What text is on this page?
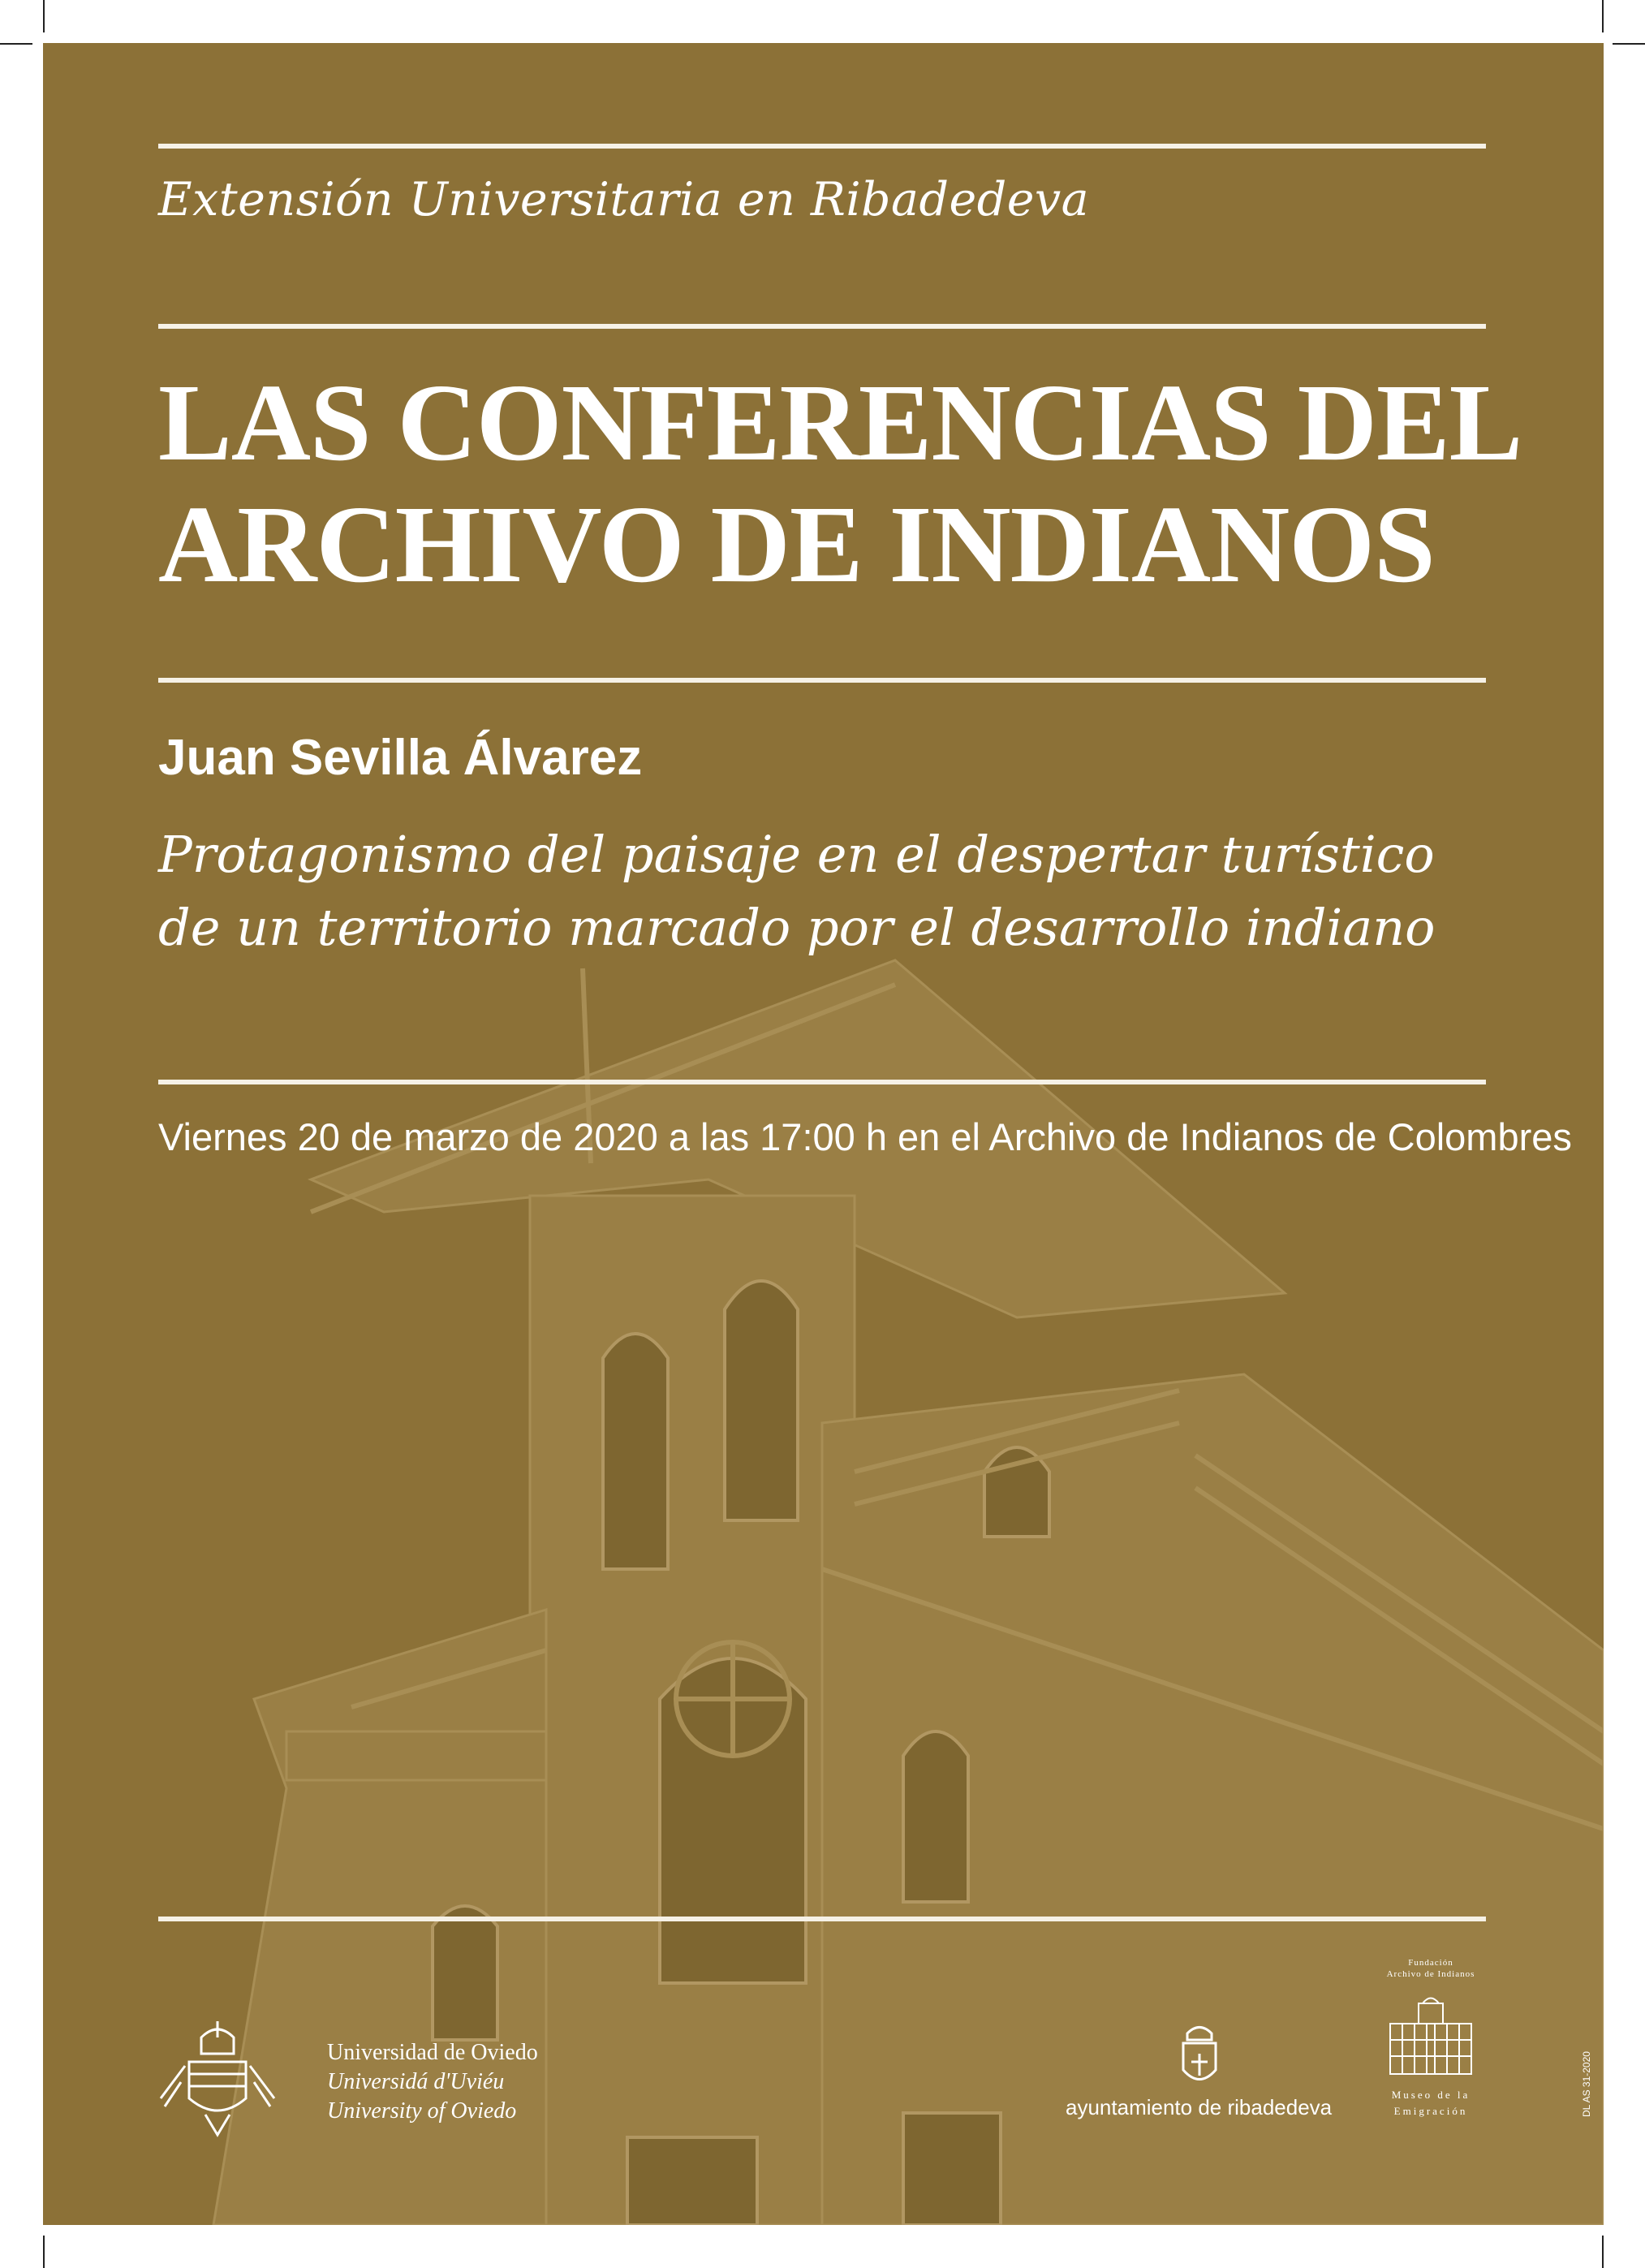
Extensión Universitaria en Ribadedeva

LAS CONFERENCIAS DEL
ARCHIVO DE INDIANOS

Juan Sevilla Álvarez

Protagonismo del paisaje en el despertar turístico
de un territorio marcado por el desarrollo indiano

Viernes 20 de marzo de 2020 a las 17:00 h en el Archivo de Indianos de Colombres

Universidad de Oviedo
Universidá d'Uviéu
University of Oviedo	ayuntamiento de ribadedeva
Fundación
Archivo de Indianos
Museo de la
Emigración	DL AS 31-2020
